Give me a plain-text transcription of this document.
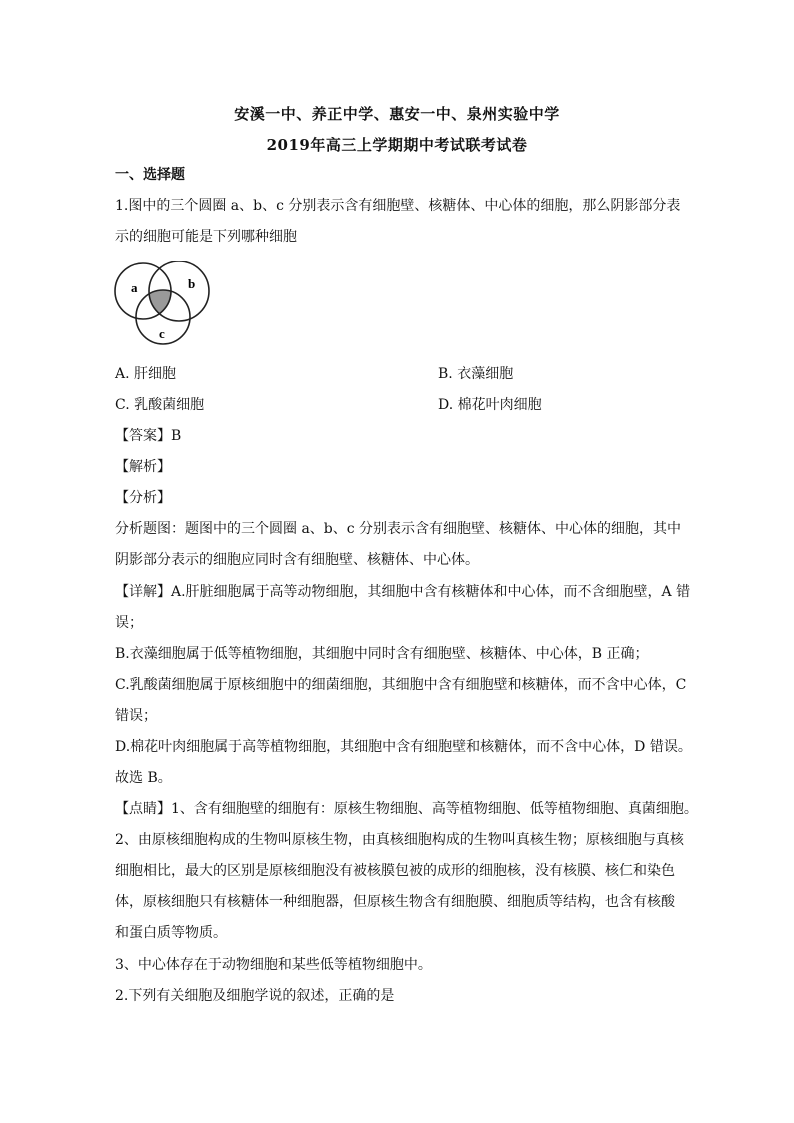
安溪一中、养正中学、惠安一中、泉州实验中学
2019年高三上学期期中考试联考试卷
一、选择题
1.图中的三个圆圈 a、b、c 分别表示含有细胞壁、核糖体、中心体的细胞，那么阴影部分表
示的细胞可能是下列哪种细胞
a	b
c
A. 肝细胞	B. 衣藻细胞
C. 乳酸菌细胞	D. 棉花叶肉细胞
【答案】B
【解析】
【分析】
分析题图：题图中的三个圆圈 a、b、c 分别表示含有细胞壁、核糖体、中心体的细胞，其中
阴影部分表示的细胞应同时含有细胞壁、核糖体、中心体。
【详解】A.肝脏细胞属于高等动物细胞，其细胞中含有核糖体和中心体，而不含细胞壁，A 错
误；
B.衣藻细胞属于低等植物细胞，其细胞中同时含有细胞壁、核糖体、中心体，B 正确；
C.乳酸菌细胞属于原核细胞中的细菌细胞，其细胞中含有细胞壁和核糖体，而不含中心体，C
错误；
D.棉花叶肉细胞属于高等植物细胞，其细胞中含有细胞壁和核糖体，而不含中心体，D 错误。
故选 B。
【点睛】1、含有细胞壁的细胞有：原核生物细胞、高等植物细胞、低等植物细胞、真菌细胞。
2、由原核细胞构成的生物叫原核生物，由真核细胞构成的生物叫真核生物；原核细胞与真核
细胞相比，最大的区别是原核细胞没有被核膜包被的成形的细胞核，没有核膜、核仁和染色
体，原核细胞只有核糖体一种细胞器，但原核生物含有细胞膜、细胞质等结构，也含有核酸
和蛋白质等物质。
3、中心体存在于动物细胞和某些低等植物细胞中。
2.下列有关细胞及细胞学说的叙述，正确的是
